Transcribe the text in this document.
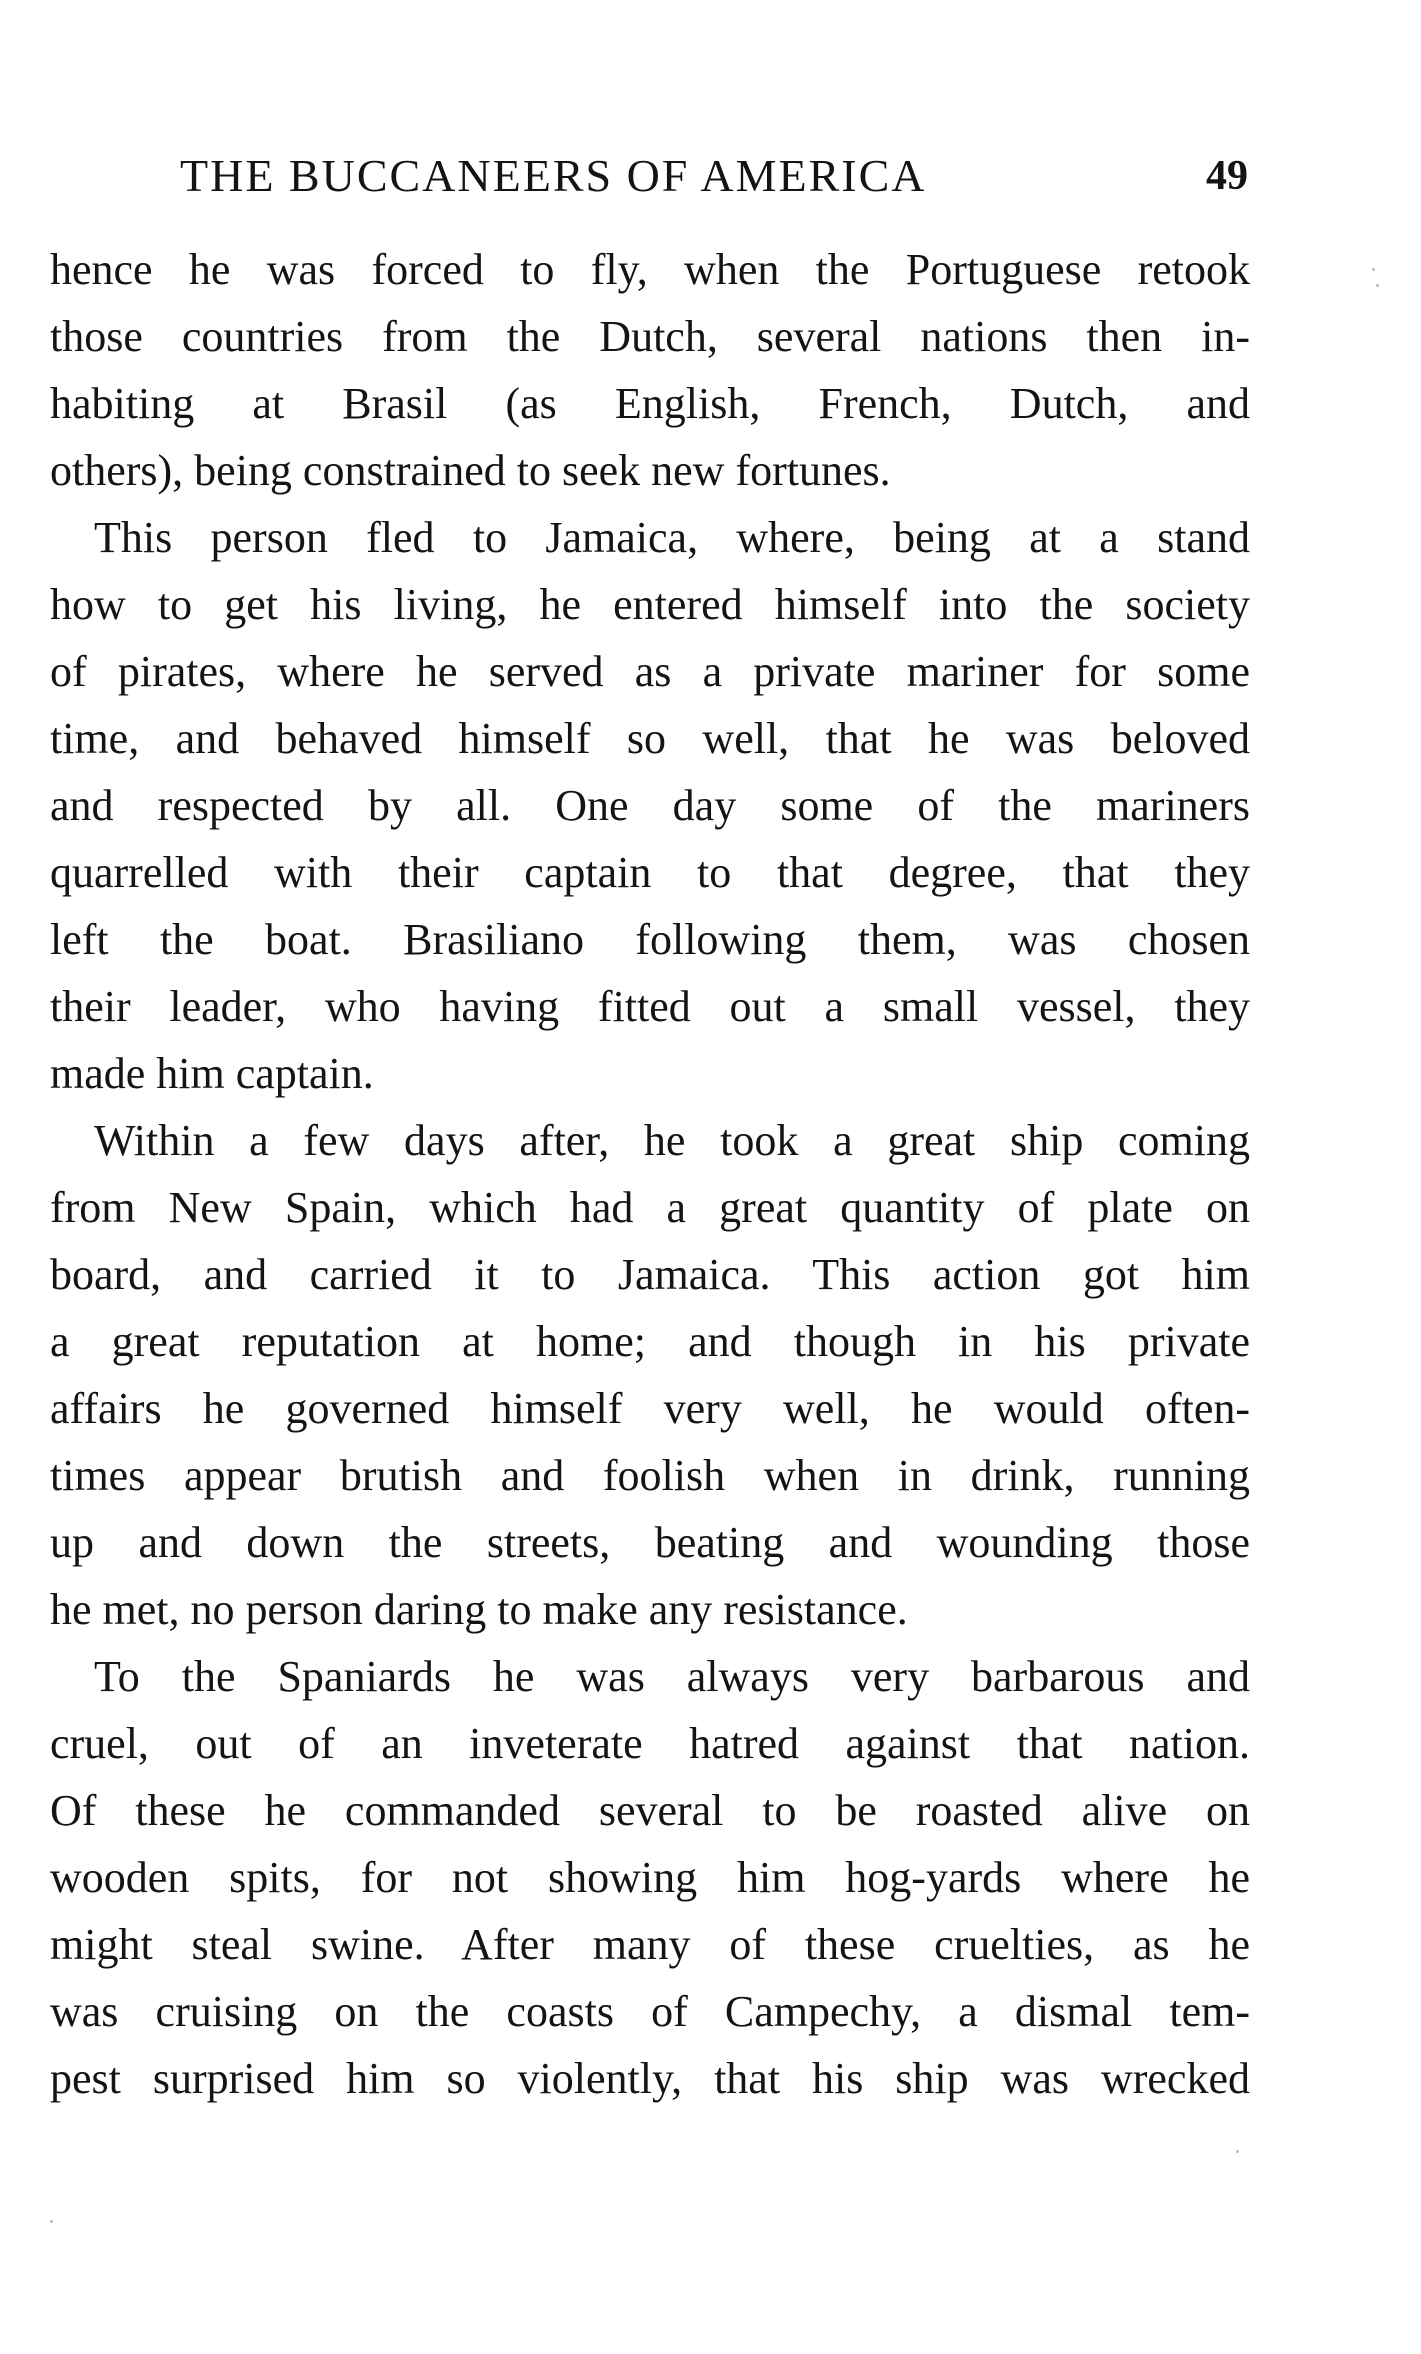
THE BUCCANEERS OF AMERICA	49
hence he was forced to fly, when the Portuguese retook
those countries from the Dutch, several nations then in-
habiting at Brasil (as English, French, Dutch, and
others), being constrained to seek new fortunes.
This person fled to Jamaica, where, being at a stand
how to get his living, he entered himself into the society
of pirates, where he served as a private mariner for some
time, and behaved himself so well, that he was beloved
and respected by all. One day some of the mariners
quarrelled with their captain to that degree, that they
left the boat. Brasiliano following them, was chosen
their leader, who having fitted out a small vessel, they
made him captain.
Within a few days after, he took a great ship coming
from New Spain, which had a great quantity of plate on
board, and carried it to Jamaica. This action got him
a great reputation at home; and though in his private
affairs he governed himself very well, he would often-
times appear brutish and foolish when in drink, running
up and down the streets, beating and wounding those
he met, no person daring to make any resistance.
To the Spaniards he was always very barbarous and
cruel, out of an inveterate hatred against that nation.
Of these he commanded several to be roasted alive on
wooden spits, for not showing him hog-yards where he
might steal swine. After many of these cruelties, as he
was cruising on the coasts of Campechy, a dismal tem-
pest surprised him so violently, that his ship was wrecked
